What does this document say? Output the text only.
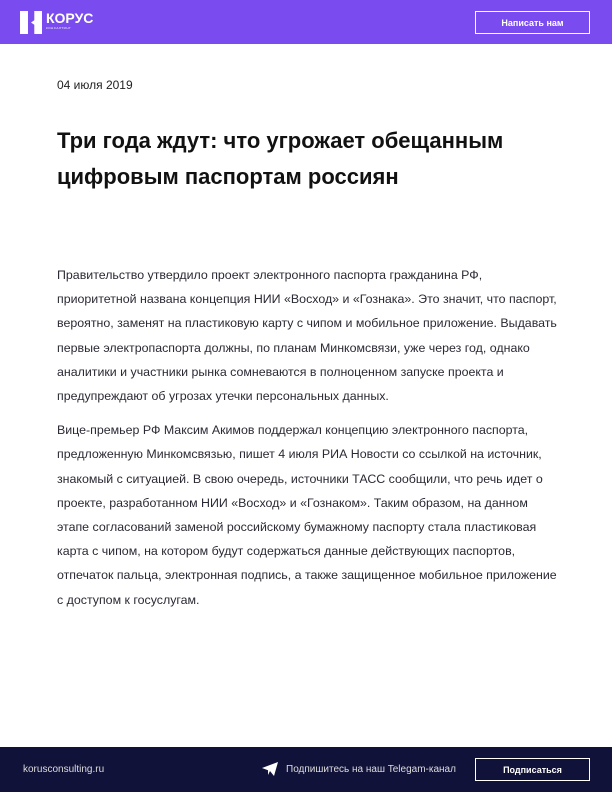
КОРУС
КОНСАЛТИНГ
Написать нам
04 июля 2019
Три года ждут: что угрожает обещанным цифровым паспортам россиян

Правительство утвердило проект электронного паспорта гражданина РФ, приоритетной названа концепция НИИ «Восход» и «Гознака». Это значит, что паспорт, вероятно, заменят на пластиковую карту с чипом и мобильное приложение. Выдавать первые электропаспорта должны, по планам Минкомсвязи, уже через год, однако аналитики и участники рынка сомневаются в полноценном запуске проекта и предупреждают об угрозах утечки персональных данных.

Вице-премьер РФ Максим Акимов поддержал концепцию электронного паспорта, предложенную Минкомсвязью, пишет 4 июля РИА Новости со ссылкой на источник, знакомый с ситуацией. В свою очередь, источники ТАСС сообщили, что речь идет о проекте, разработанном НИИ «Восход» и «Гознаком». Таким образом, на данном этапе согласований заменой российскому бумажному паспорту стала пластиковая карта с чипом, на котором будут содержаться данные действующих паспортов, отпечаток пальца, электронная подпись, а также защищенное мобильное приложение с доступом к госуслугам.

korusconsulting.ru	Подпишитесь на наш Telegam-канал	Подписаться
